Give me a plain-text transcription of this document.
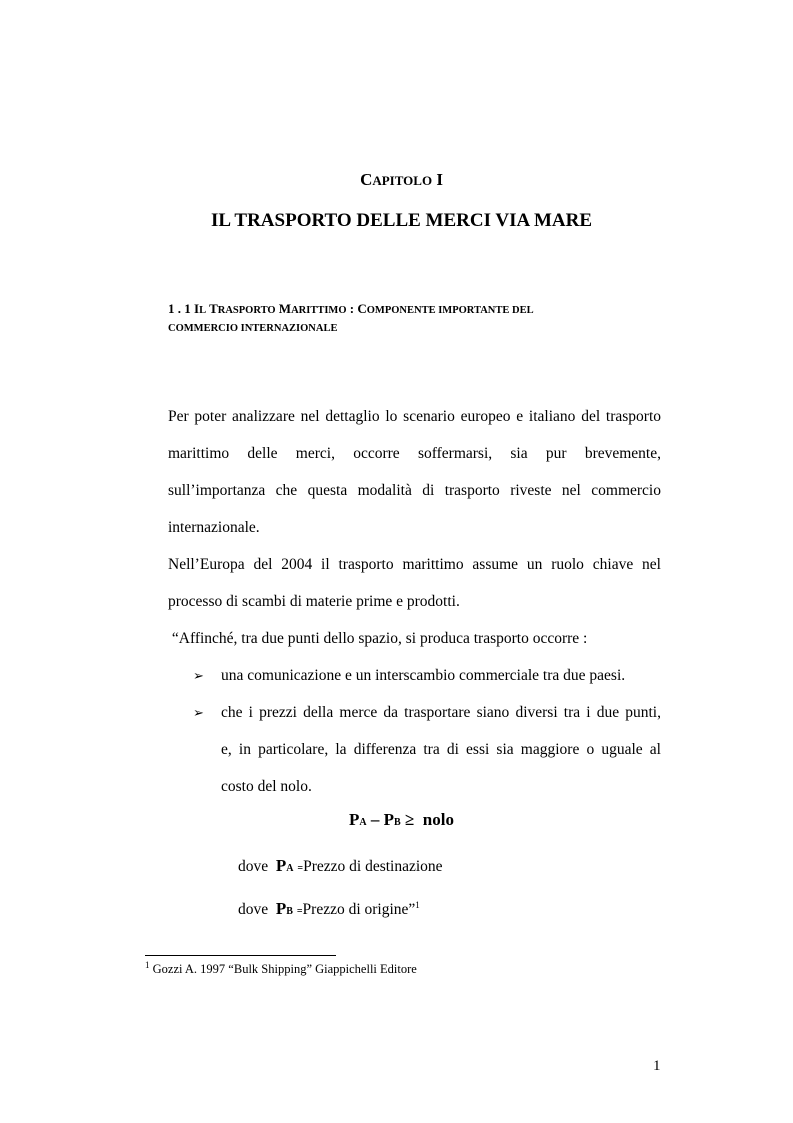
CAPITOLO I
IL TRASPORTO DELLE MERCI VIA MARE
1 . 1 IL TRASPORTO MARITTIMO : COMPONENTE IMPORTANTE DEL
COMMERCIO INTERNAZIONALE
Per poter analizzare nel dettaglio lo scenario europeo e italiano del trasporto
marittimo delle merci, occorre soffermarsi, sia pur brevemente,
sull’importanza che questa modalità di trasporto riveste nel commercio
internazionale.
Nell’Europa del 2004 il trasporto marittimo assume un ruolo chiave nel
processo di scambi di materie prime e prodotti.
“Affinché, tra due punti dello spazio, si produca trasporto occorre :
➢	una comunicazione e un interscambio commerciale tra due paesi.
➢	che i prezzi della merce da trasportare siano diversi tra i due punti,
e, in particolare, la differenza tra di essi sia maggiore o uguale al
costo del nolo.
PA – PB ≥  nolo
dove PA =Prezzo di destinazione
dove PB =Prezzo di origine”$^1$
$^1$ Gozzi A. 1997 “Bulk Shipping” Giappichelli Editore
1
